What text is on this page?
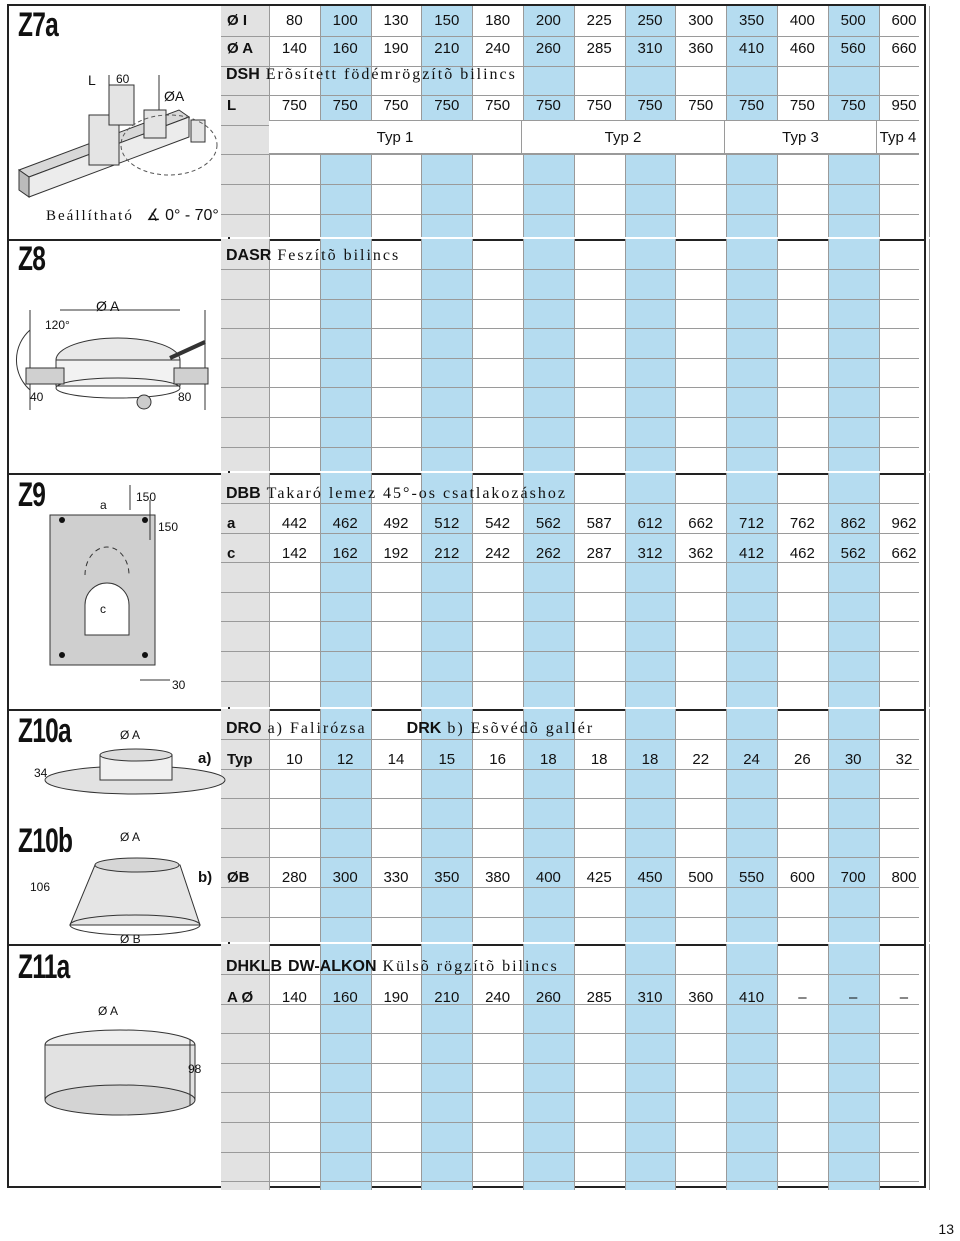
Z7a
Z8
Z9
Z10a
Z10b
Z11a
Ø I	80	100	130	150	180	200	225	250	300	350	400	500	600
Ø A	140	160	190	210	240	260	285	310	360	410	460	560	660
DSH Erõsített födémrögzítõ bilincs
L	750	750	750	750	750	750	750	750	750	750	750	750	950
Typ 1	Typ 2	Typ 3	Typ 4
DASR Feszítõ bilincs
DBB Takaró lemez 45°-os csatlakozáshoz
a	442	462	492	512	542	562	587	612	662	712	762	862	962
c	142	162	192	212	242	262	287	312	362	412	462	562	662
DRO a) Falirózsa	DRK b) Esõvédõ gallér
a)	Typ	10	12	14	15	16	18	18	18	22	24	26	30	32
b) ØB	280	300	330	350	380	400	425	450	500	550	600	700	800
DHKLB DW-ALKON Külsõ rögzítõ bilincs
A Ø	140	160	190	210	240	260	285	310	360	410	–	–	–
L 60
ØA
Beállítható ∡ 0° - 70°
Ø A
120°
40	80
a
150
150
c
30
Ø A
34
Ø A
106
Ø B
Ø A
98
13
